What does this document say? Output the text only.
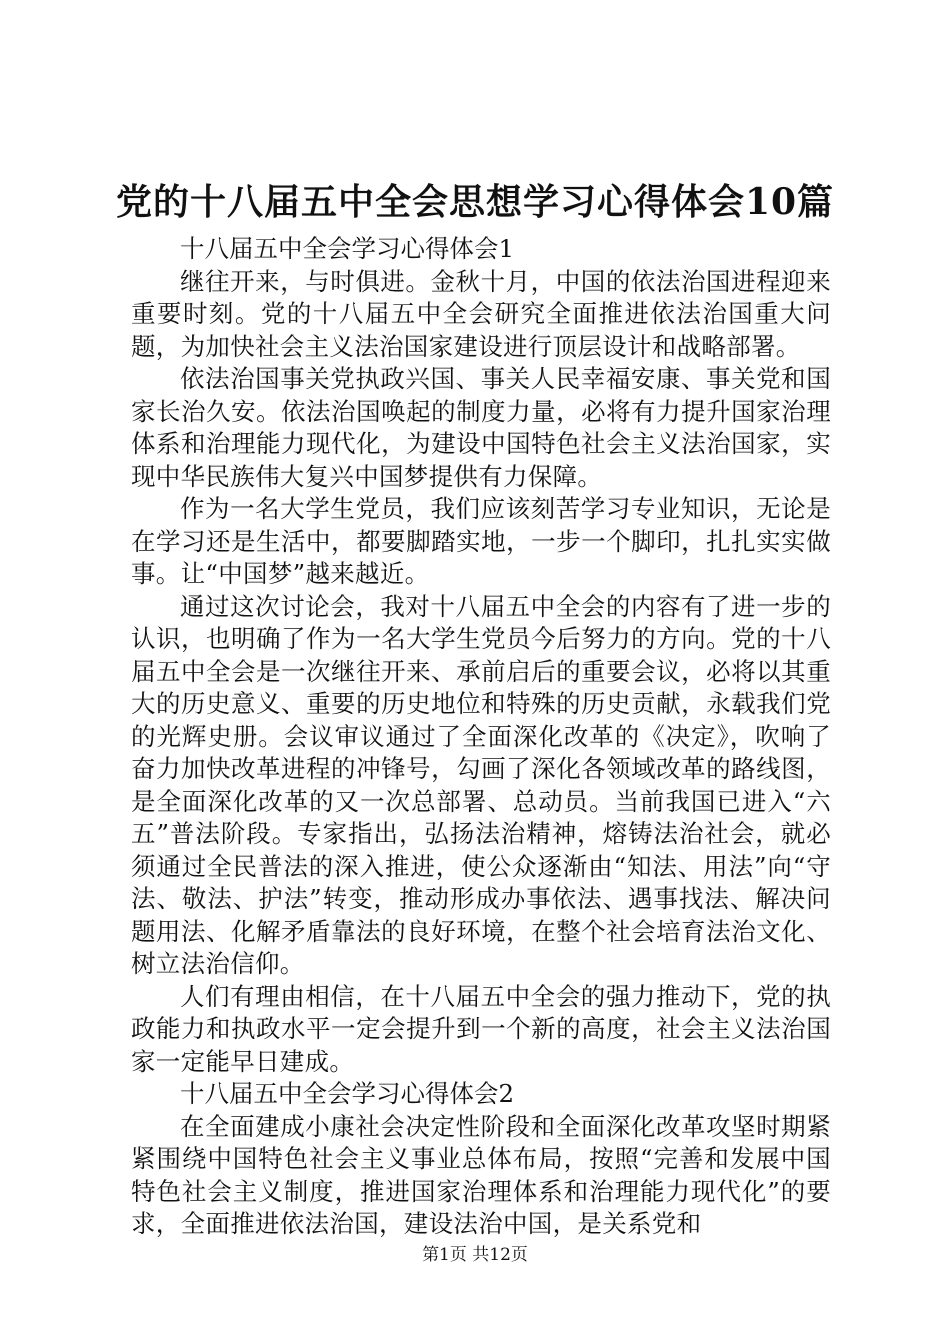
党的十八届五中全会思想学习心得体会10篇

十八届五中全会学习心得体会1

继往开来，与时俱进。金秋十月，中国的依法治国进程迎来重要时刻。党的十八届五中全会研究全面推进依法治国重大问题，为加快社会主义法治国家建设进行顶层设计和战略部署。

依法治国事关党执政兴国、事关人民幸福安康、事关党和国家长治久安。依法治国唤起的制度力量，必将有力提升国家治理体系和治理能力现代化，为建设中国特色社会主义法治国家，实现中华民族伟大复兴中国梦提供有力保障。

作为一名大学生党员，我们应该刻苦学习专业知识，无论是在学习还是生活中，都要脚踏实地，一步一个脚印，扎扎实实做事。让“中国梦”越来越近。

通过这次讨论会，我对十八届五中全会的内容有了进一步的认识，也明确了作为一名大学生党员今后努力的方向。党的十八届五中全会是一次继往开来、承前启后的重要会议，必将以其重大的历史意义、重要的历史地位和特殊的历史贡献，永载我们党的光辉史册。会议审议通过了全面深化改革的《决定》，吹响了奋力加快改革进程的冲锋号，勾画了深化各领域改革的路线图，是全面深化改革的又一次总部署、总动员。当前我国已进入“六五”普法阶段。专家指出，弘扬法治精神，熔铸法治社会，就必须通过全民普法的深入推进，使公众逐渐由“知法、用法”向“守法、敬法、护法”转变，推动形成办事依法、遇事找法、解决问题用法、化解矛盾靠法的良好环境，在整个社会培育法治文化、树立法治信仰。

人们有理由相信，在十八届五中全会的强力推动下，党的执政能力和执政水平一定会提升到一个新的高度，社会主义法治国家一定能早日建成。

十八届五中全会学习心得体会2

在全面建成小康社会决定性阶段和全面深化改革攻坚时期紧紧围绕中国特色社会主义事业总体布局，按照“完善和发展中国特色社会主义制度，推进国家治理体系和治理能力现代化”的要求，全面推进依法治国，建设法治中国，是关系党和

第1页 共12页
